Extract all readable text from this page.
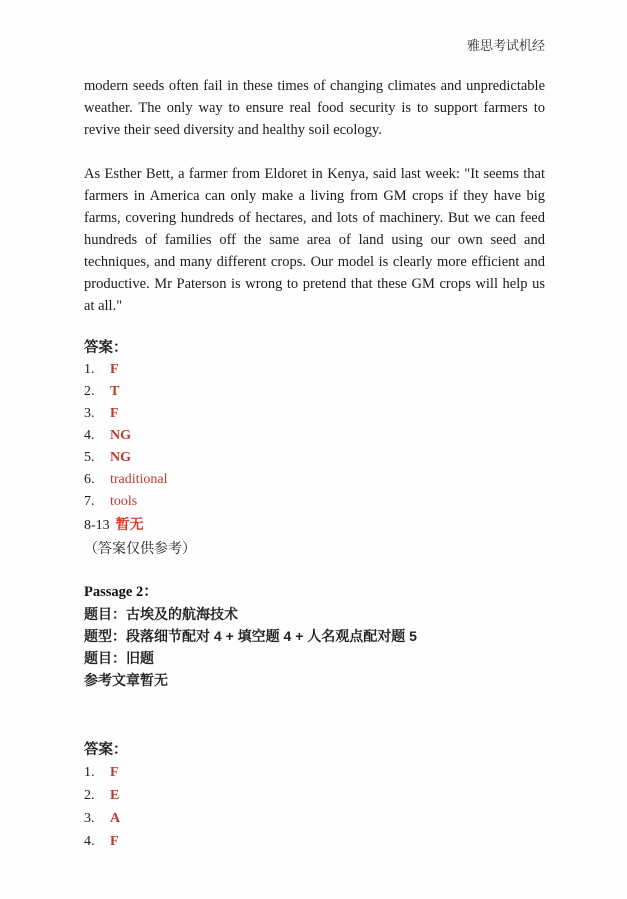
雅思考试机经

modern seeds often fail in these times of changing climates and unpredictable weather. The only way to ensure real food security is to support farmers to revive their seed diversity and healthy soil ecology.

As Esther Bett, a farmer from Eldoret in Kenya, said last week: "It seems that farmers in America can only make a living from GM crops if they have big farms, covering hundreds of hectares, and lots of machinery. But we can feed hundreds of families off the same area of land using our own seed and techniques, and many different crops. Our model is clearly more efficient and productive. Mr Paterson is wrong to pretend that these GM crops will help us at all."

答案：
1. F
2. T
3. F
4. NG
5. NG
6. traditional
7. tools
8-13 暂无
（答案仅供参考）
Passage 2：
题目：古埃及的航海技术
题型：段落细节配对 4 + 填空题 4 + 人名观点配对题 5
题目：旧题
参考文章暂无
答案：
1. F
2. E
3. A
4. F
